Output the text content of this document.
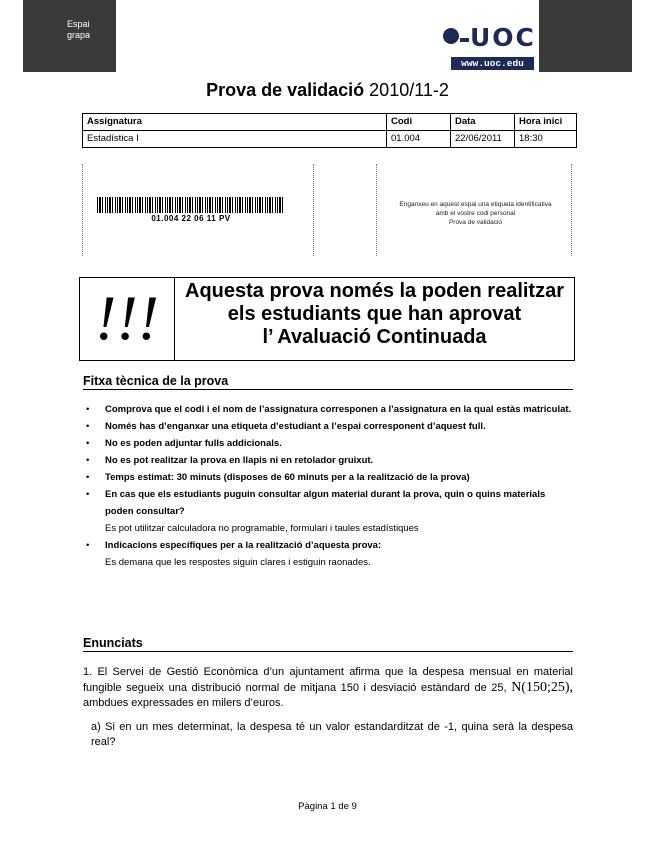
Espai
grapa	UOC
www.uoc.edu
Prova de validació 2010/11-2
Assignatura	Codi	Data	Hora inici
Estadística I	01.004	22/06/2011	18:30
01.004 22 06 11 PV
Enganxeu en aquest espai una etiqueta identificativa
amb el vostre codi personal
Prova de validació
!!!	Aquesta prova només la poden realitzar
els estudiants que han aprovat
l’ Avaluació Continuada
Fitxa tècnica de la prova
• Comprova que el codi i el nom de l’assignatura corresponen a l’assignatura en la qual estàs matriculat.
• Només has d’enganxar una etiqueta d’estudiant a l’espai corresponent d’aquest full.
• No es poden adjuntar fulls addicionals.
• No es pot realitzar la prova en llapis ni en retolador gruixut.
• Temps estimat: 30 minuts (disposes de 60 minuts per a la realització de la prova)
• En cas que els estudiants puguin consultar algun material durant la prova, quin o quins materials poden consultar?
Es pot utilitzar calculadora no programable, formulari i taules estadístiques
• Indicacions específiques per a la realització d’aquesta prova:
Es demana que les respostes siguin clares i estiguin raonades.
Enunciats
1. El Servei de Gestió Econòmica d’un ajuntament afirma que la despesa mensual en material fungible segueix una distribució normal de mitjana 150 i desviació estàndard de 25, N(150;25), ambdues expressades en milers d’euros.
a) Si en un mes determinat, la despesa té un valor estandarditzat de -1, quina serà la despesa real?
Pàgina 1 de 9
